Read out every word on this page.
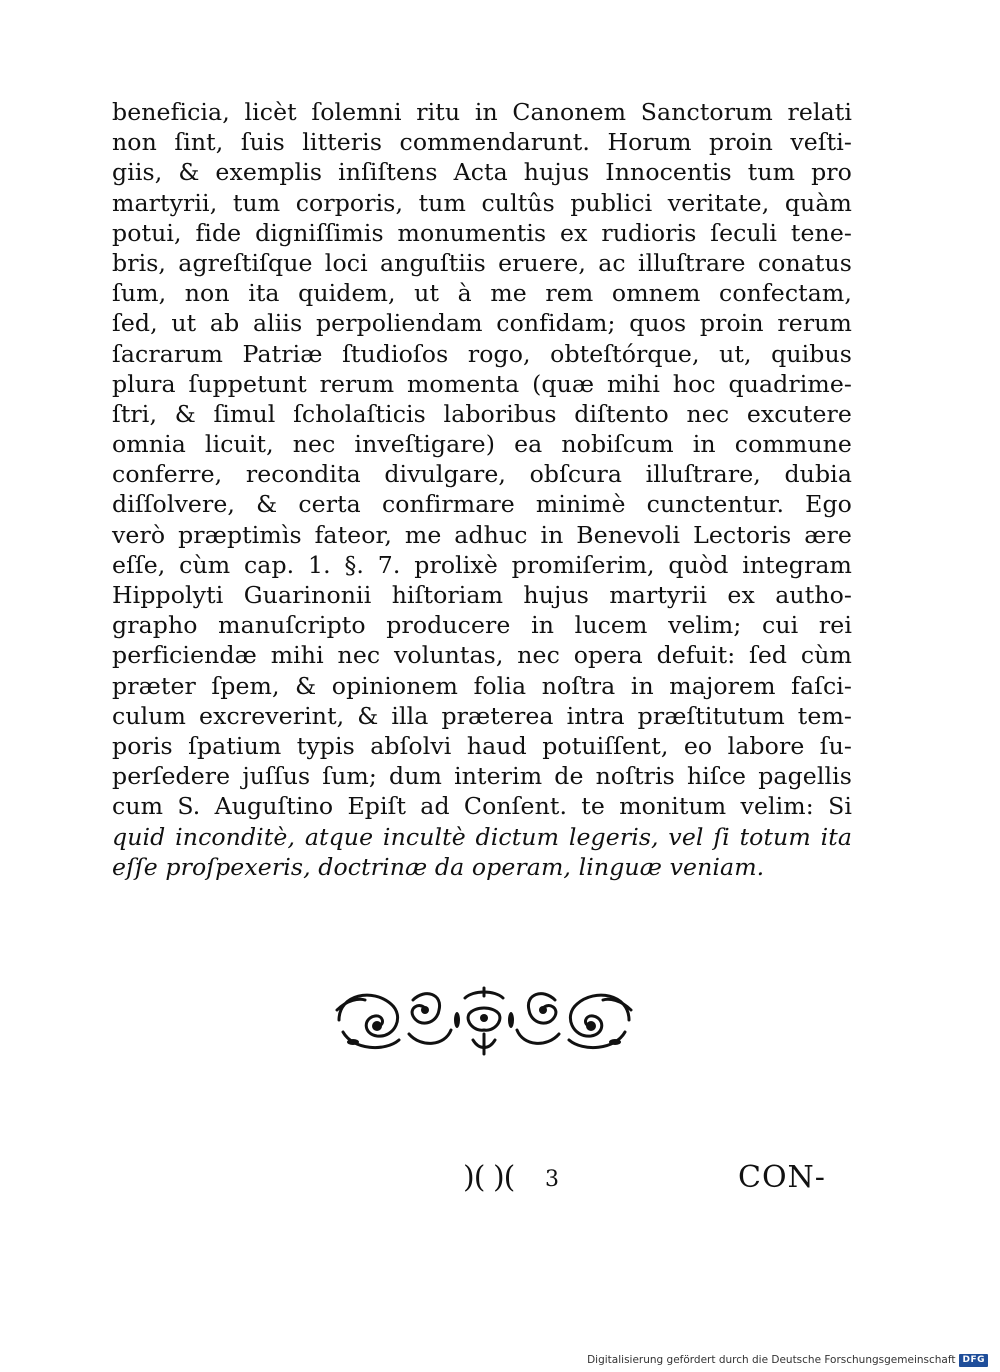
beneficia, licèt ſolemni ritu in Canonem Sanctorum relati
non ſint, ſuis litteris commendarunt. Horum proin veſti-
giis, & exemplis inſiſtens Acta hujus Innocentis tum pro
martyrii, tum corporis, tum cultûs publici veritate, quàm
potui, fide digniſſimis monumentis ex rudioris ſeculi tene-
bris, agreſtiſque loci anguſtiis eruere, ac illuſtrare conatus
ſum, non ita quidem, ut à me rem omnem confectam,
ſed, ut ab aliis perpoliendam confidam; quos proin rerum
ſacrarum Patriæ ſtudioſos rogo, obteſtórque, ut, quibus
plura ſuppetunt rerum momenta (quæ mihi hoc quadrime-
ſtri, & ſimul ſcholaſticis laboribus diſtento nec excutere
omnia licuit, nec inveſtigare) ea nobiſcum in commune
conferre, recondita divulgare, obſcura illuſtrare, dubia
diſſolvere, & certa confirmare minimè cunctentur. Ego
verò præptimìs fateor, me adhuc in Benevoli Lectoris ære
eſſe, cùm cap. 1. §. 7. prolixè promiſerim, quòd integram
Hippolyti Guarinonii hiſtoriam hujus martyrii ex autho-
grapho manuſcripto producere in lucem velim; cui rei
perficiendæ mihi nec voluntas, nec opera defuit: ſed cùm
præter ſpem, & opinionem folia noſtra in majorem faſci-
culum excreverint, & illa præterea intra præſtitutum tem-
poris ſpatium typis abſolvi haud potuiſſent, eo labore ſu-
perſedere juſſus ſum; dum interim de noſtris hiſce pagellis
cum S. Auguſtino Epiſt ad Conſent. te monitum velim: Si
quid inconditè, atque incultè dictum legeris, vel ſi totum ita
eſſe proſpexeris, doctrinæ da operam, linguæ veniam.
)( )( 3	CON-
Digitalisierung gefördert durch die Deutsche Forschungsgemeinschaft DFG
